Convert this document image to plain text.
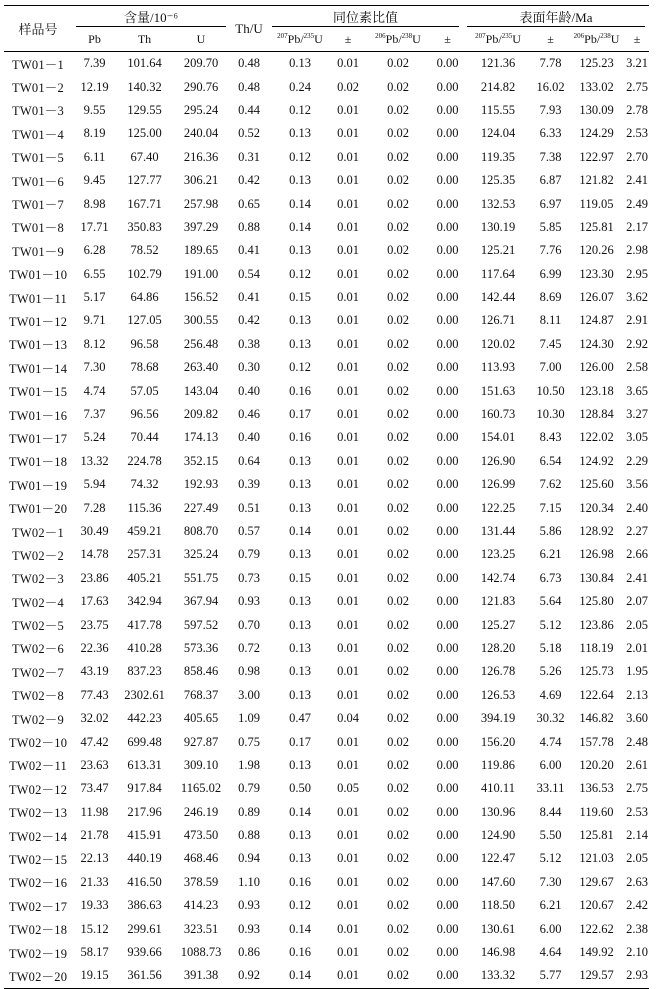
样品号	含量/10⁻⁶			Th/U	同位素比值				表面年龄/Ma			

	Pb	Th	U		$^{207}$Pb/$^{235}$U	±	$^{206}$Pb/$^{238}$U	±	$^{207}$Pb/$^{235}$U	±	$^{206}$Pb/$^{238}$U	±
TW01－1	7.39	101.64	209.70	0.48	0.13	0.01	0.02	0.00	121.36	7.78	125.23	3.21
TW01－2	12.19	140.32	290.76	0.48	0.24	0.02	0.02	0.00	214.82	16.02	133.02	2.75
TW01－3	9.55	129.55	295.24	0.44	0.12	0.01	0.02	0.00	115.55	7.93	130.09	2.78
TW01－4	8.19	125.00	240.04	0.52	0.13	0.01	0.02	0.00	124.04	6.33	124.29	2.53
TW01－5	6.11	67.40	216.36	0.31	0.12	0.01	0.02	0.00	119.35	7.38	122.97	2.70
TW01－6	9.45	127.77	306.21	0.42	0.13	0.01	0.02	0.00	125.35	6.87	121.82	2.41
TW01－7	8.98	167.71	257.98	0.65	0.14	0.01	0.02	0.00	132.53	6.97	119.05	2.49
TW01－8	17.71	350.83	397.29	0.88	0.14	0.01	0.02	0.00	130.19	5.85	125.81	2.17
TW01－9	6.28	78.52	189.65	0.41	0.13	0.01	0.02	0.00	125.21	7.76	120.26	2.98
TW01－10	6.55	102.79	191.00	0.54	0.12	0.01	0.02	0.00	117.64	6.99	123.30	2.95
TW01－11	5.17	64.86	156.52	0.41	0.15	0.01	0.02	0.00	142.44	8.69	126.07	3.62
TW01－12	9.71	127.05	300.55	0.42	0.13	0.01	0.02	0.00	126.71	8.11	124.87	2.91
TW01－13	8.12	96.58	256.48	0.38	0.13	0.01	0.02	0.00	120.02	7.45	124.30	2.92
TW01－14	7.30	78.68	263.40	0.30	0.12	0.01	0.02	0.00	113.93	7.00	126.00	2.58
TW01－15	4.74	57.05	143.04	0.40	0.16	0.01	0.02	0.00	151.63	10.50	123.18	3.65
TW01－16	7.37	96.56	209.82	0.46	0.17	0.01	0.02	0.00	160.73	10.30	128.84	3.27
TW01－17	5.24	70.44	174.13	0.40	0.16	0.01	0.02	0.00	154.01	8.43	122.02	3.05
TW01－18	13.32	224.78	352.15	0.64	0.13	0.01	0.02	0.00	126.90	6.54	124.92	2.29
TW01－19	5.94	74.32	192.93	0.39	0.13	0.01	0.02	0.00	126.99	7.62	125.60	3.56
TW01－20	7.28	115.36	227.49	0.51	0.13	0.01	0.02	0.00	122.25	7.15	120.34	2.40
TW02－1	30.49	459.21	808.70	0.57	0.14	0.01	0.02	0.00	131.44	5.86	128.92	2.27
TW02－2	14.78	257.31	325.24	0.79	0.13	0.01	0.02	0.00	123.25	6.21	126.98	2.66
TW02－3	23.86	405.21	551.75	0.73	0.15	0.01	0.02	0.00	142.74	6.73	130.84	2.41
TW02－4	17.63	342.94	367.94	0.93	0.13	0.01	0.02	0.00	121.83	5.64	125.80	2.07
TW02－5	23.75	417.78	597.52	0.70	0.13	0.01	0.02	0.00	125.27	5.12	123.86	2.05
TW02－6	22.36	410.28	573.36	0.72	0.13	0.01	0.02	0.00	128.20	5.18	118.19	2.01
TW02－7	43.19	837.23	858.46	0.98	0.13	0.01	0.02	0.00	126.78	5.26	125.73	1.95
TW02－8	77.43	2302.61	768.37	3.00	0.13	0.01	0.02	0.00	126.53	4.69	122.64	2.13
TW02－9	32.02	442.23	405.65	1.09	0.47	0.04	0.02	0.00	394.19	30.32	146.82	3.60
TW02－10	47.42	699.48	927.87	0.75	0.17	0.01	0.02	0.00	156.20	4.74	157.78	2.48
TW02－11	23.63	613.31	309.10	1.98	0.13	0.01	0.02	0.00	119.86	6.00	120.20	2.61
TW02－12	73.47	917.84	1165.02	0.79	0.50	0.05	0.02	0.00	410.11	33.11	136.53	2.75
TW02－13	11.98	217.96	246.19	0.89	0.14	0.01	0.02	0.00	130.96	8.44	119.60	2.53
TW02－14	21.78	415.91	473.50	0.88	0.13	0.01	0.02	0.00	124.90	5.50	125.81	2.14
TW02－15	22.13	440.19	468.46	0.94	0.13	0.01	0.02	0.00	122.47	5.12	121.03	2.05
TW02－16	21.33	416.50	378.59	1.10	0.16	0.01	0.02	0.00	147.60	7.30	129.67	2.63
TW02－17	19.33	386.63	414.23	0.93	0.12	0.01	0.02	0.00	118.50	6.21	120.67	2.42
TW02－18	15.12	299.61	323.51	0.93	0.14	0.01	0.02	0.00	130.61	6.00	122.62	2.38
TW02－19	58.17	939.66	1088.73	0.86	0.16	0.01	0.02	0.00	146.98	4.64	149.92	2.10
TW02－20	19.15	361.56	391.38	0.92	0.14	0.01	0.02	0.00	133.32	5.77	129.57	2.93
